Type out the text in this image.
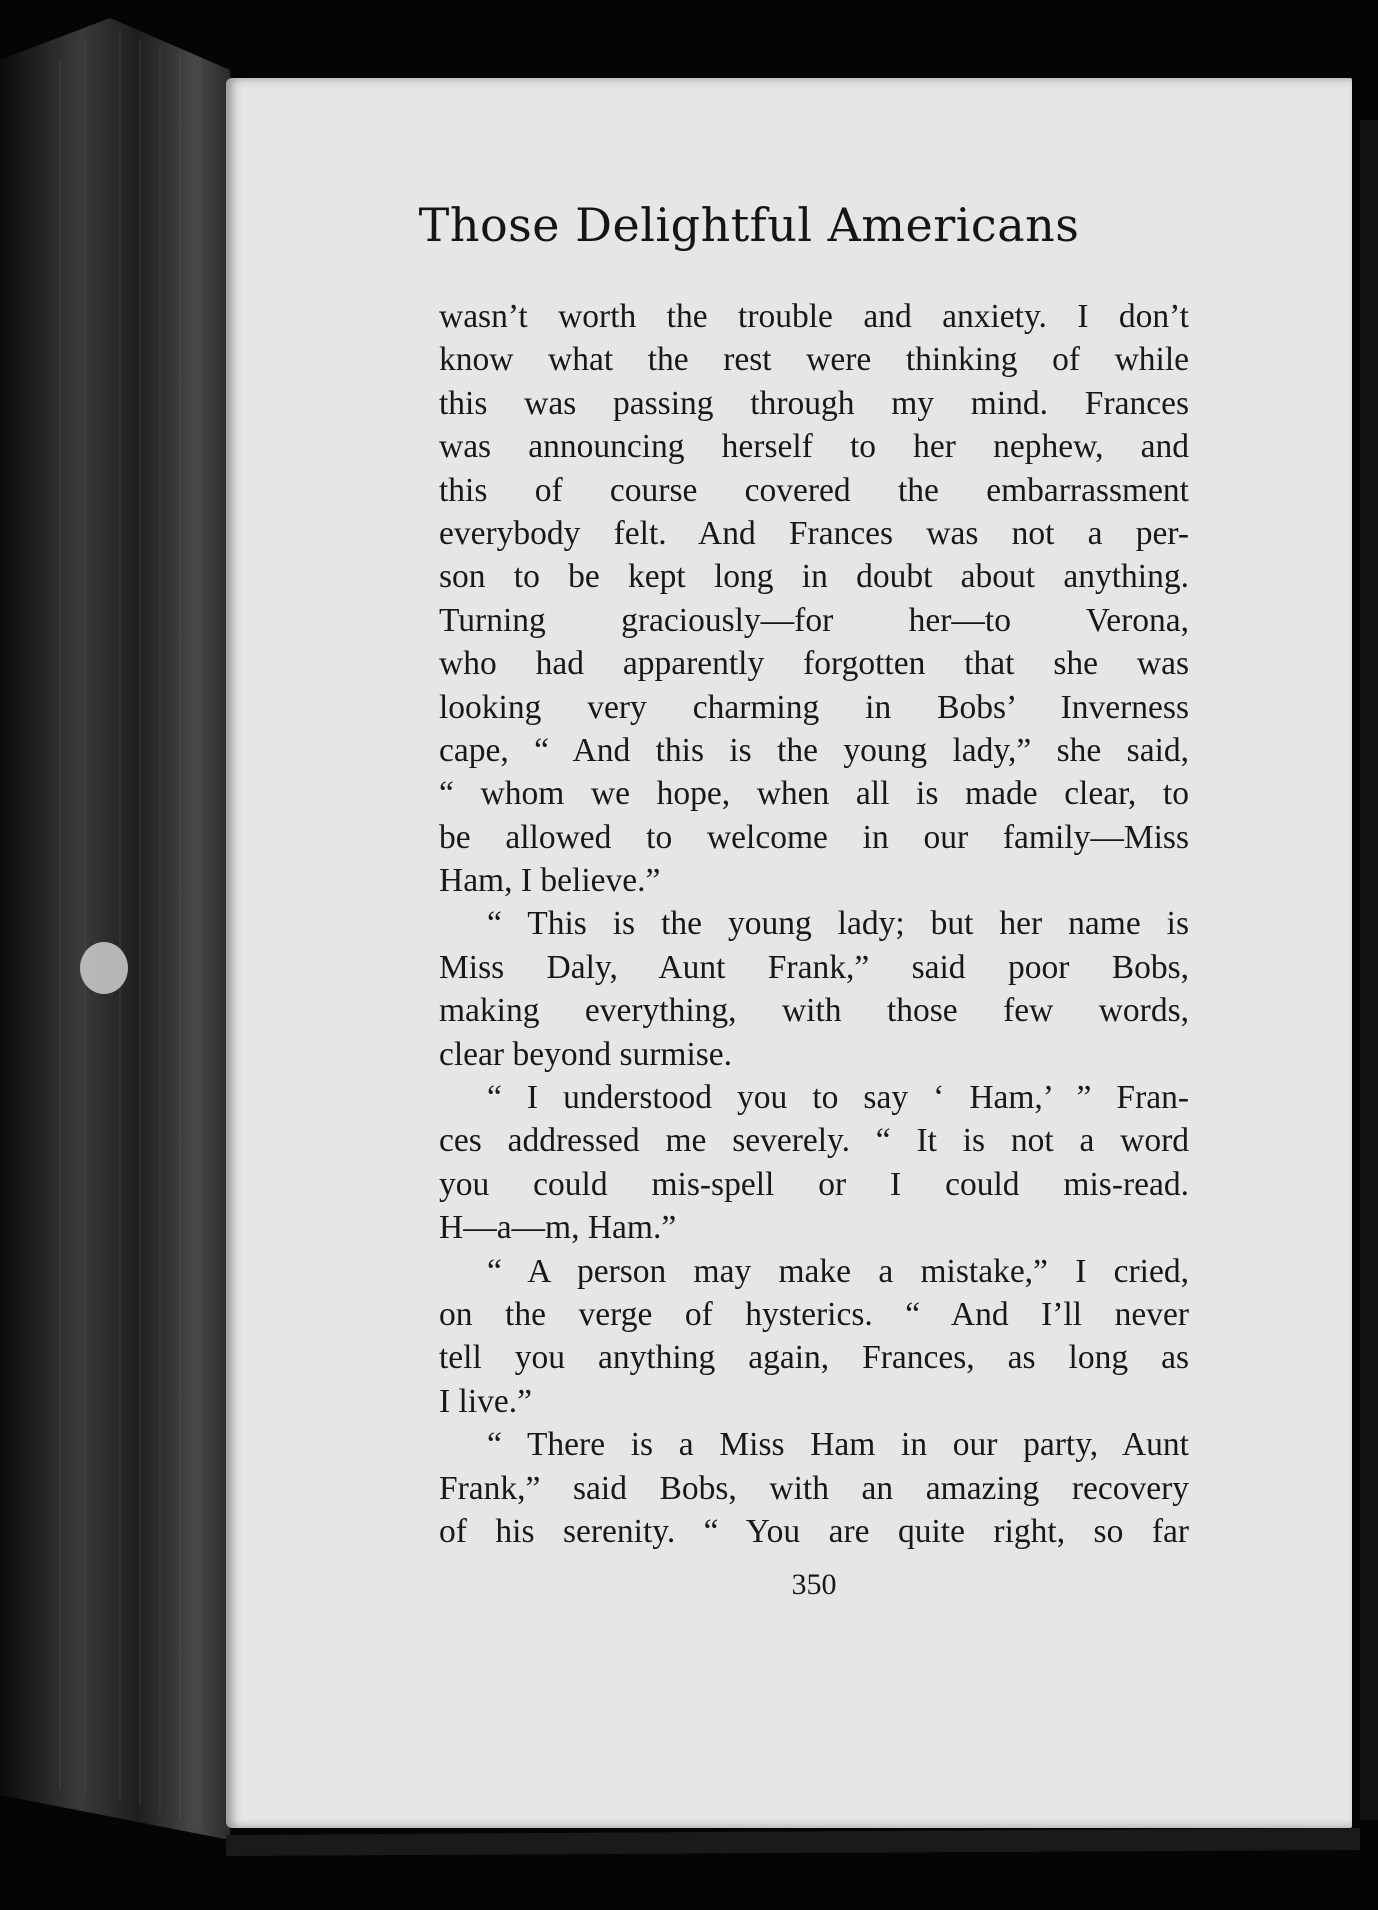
Those Delightful Americans
wasn’t worth the trouble and anxiety. I don’t
know what the rest were thinking of while
this was passing through my mind. Frances
was announcing herself to her nephew, and
this of course covered the embarrassment
everybody felt. And Frances was not a per-
son to be kept long in doubt about anything.
Turning graciously—for her—to Verona,
who had apparently forgotten that she was
looking very charming in Bobs’ Inverness
cape, “ And this is the young lady,” she said,
“ whom we hope, when all is made clear, to
be allowed to welcome in our family—Miss
Ham, I believe.”
“ This is the young lady; but her name is
Miss Daly, Aunt Frank,” said poor Bobs,
making everything, with those few words,
clear beyond surmise.
“ I understood you to say ‘ Ham,’ ” Fran-
ces addressed me severely. “ It is not a word
you could mis-spell or I could mis-read.
H—a—m, Ham.”
“ A person may make a mistake,” I cried,
on the verge of hysterics. “ And I’ll never
tell you anything again, Frances, as long as
I live.”
“ There is a Miss Ham in our party, Aunt
Frank,” said Bobs, with an amazing recovery
of his serenity. “ You are quite right, so far
350
